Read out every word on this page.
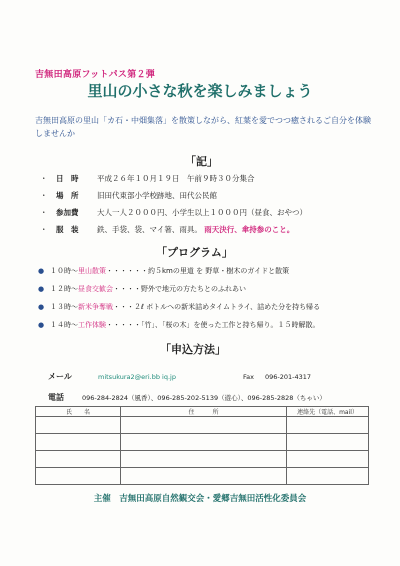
吉無田高原フットパス第２弾
里山の小さな秋を楽しみましょう
吉無田高原の里山「カ石・中畑集落」を散策しながら、紅葉を愛でつつ癒されるご自分を体験しませんか
「記」
・ 日　時 平成２６年１０月１９日　午前９時３０分集合
・ 場　所 旧田代東部小学校跡地、田代公民館
・ 参加費 大人一人２０００円、小学生以上１０００円（昼食、おやつ）
・ 服　装 鉄、手袋、袋、マイ箸、雨具。 雨天決行、傘持参のこと。
「プログラム」
● １０時～里山散策・・・・・・約５kmの里道 を 野草・樹木のガイドと散策
● １２時～昼食交歓会・・・・野外で地元の方たちとのふれあい
● １３時～新米争奪戦・・・２ℓ ボトルへの新米詰めタイムトライ、詰めた分を持ち帰る
● １４時～工作体験・・・・・「竹」、「桜の木」を使った工作と持ち帰り。１５時解散。
「申込方法」
メール	mitsukura2@eri.bb iq.jp	Fax 096-201-4317
電話	096-284-2824（風香）、096-285-202-5139（遊心）、096-285-2828（ちゃい）
氏　　名	住　　　所	連絡先（電話、mail）

主催　吉無田高原自然観交会・愛郷吉無田活性化委員会
